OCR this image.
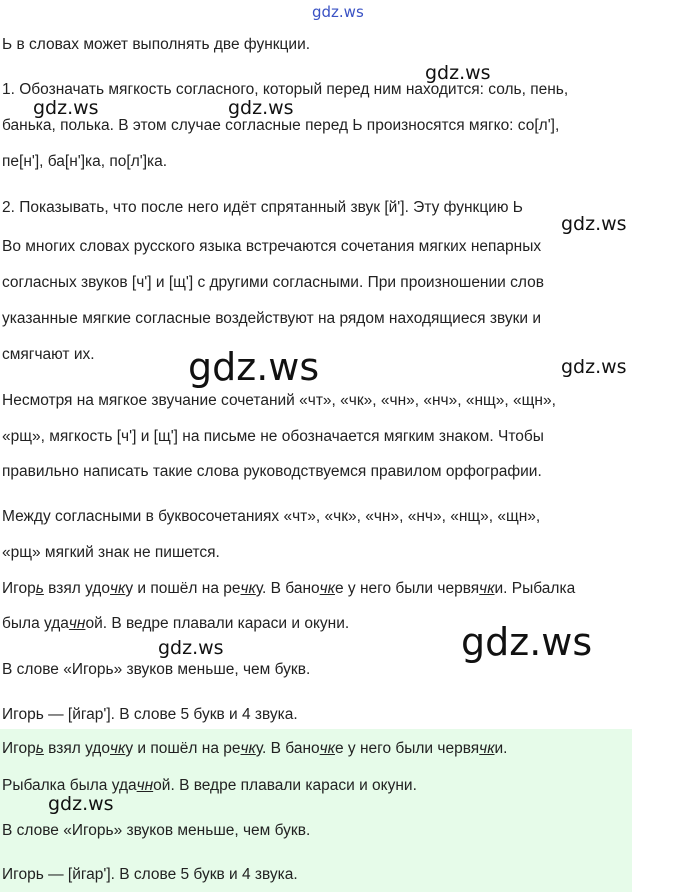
gdz.ws
Ь в словах может выполнять две функции.
gdz.ws
1. Обозначать мягкость согласного, который перед ним находится: соль, пень,
gdz.ws	gdz.ws
банька, полька. В этом случае согласные перед Ь произносятся мягко: со[л'],
пе[н'], ба[н']ка, по[л']ка.
2. Показывать, что после него идёт спрятанный звук [й']. Эту функцию Ь
gdz.ws
Во многих словах русского языка встречаются сочетания мягких непарных
согласных звуков [ч'] и [щ'] с другими согласными. При произношении слов
указанные мягкие согласные воздействуют на рядом находящиеся звуки и
gdz.ws
смягчают их.
gdz.ws
Несмотря на мягкое звучание сочетаний «чт», «чк», «чн», «нч», «нщ», «щн»,
«рщ», мягкость [ч'] и [щ'] на письме не обозначается мягким знаком. Чтобы
правильно написать такие слова руководствуемся правилом орфографии.
Между согласными в буквосочетаниях «чт», «чк», «чн», «нч», «нщ», «щн»,
«рщ» мягкий знак не пишется.
Игорь взял удочку и пошёл на речку. В баночке у него были червячки. Рыбалка
была удачной. В ведре плавали караси и окуни.	gdz.ws
gdz.ws
В слове «Игорь» звуков меньше, чем букв.
Игорь — [йгар']. В слове 5 букв и 4 звука.
Игорь взял удочку и пошёл на речку. В баночке у него были червячки.
Рыбалка была удачной. В ведре плавали караси и окуни.
gdz.ws
В слове «Игорь» звуков меньше, чем букв.
Игорь — [йгар']. В слове 5 букв и 4 звука.
